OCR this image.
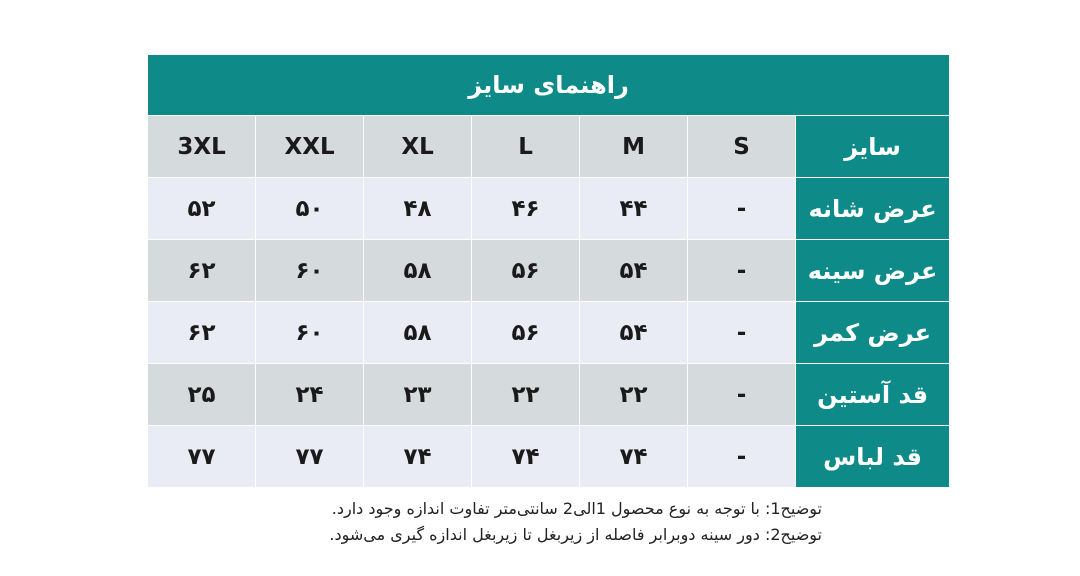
راهنمای سایز						
سایز	S	M	L	XL	XXL	3XL
عرض شانه	-	۴۴	۴۶	۴۸	۵۰	۵۲
عرض سینه	-	۵۴	۵۶	۵۸	۶۰	۶۲
عرض کمر	-	۵۴	۵۶	۵۸	۶۰	۶۲
قد آستین	-	۲۲	۲۲	۲۳	۲۴	۲۵
قد لباس	-	۷۴	۷۴	۷۴	۷۷	۷۷
توضیح1: با توجه به نوع محصول 1الی2 سانتی‌متر تفاوت اندازه وجود دارد.
توضیح2: دور سینه دوبرابر فاصله از زیربغل تا زیربغل اندازه گیری می‌شود.
